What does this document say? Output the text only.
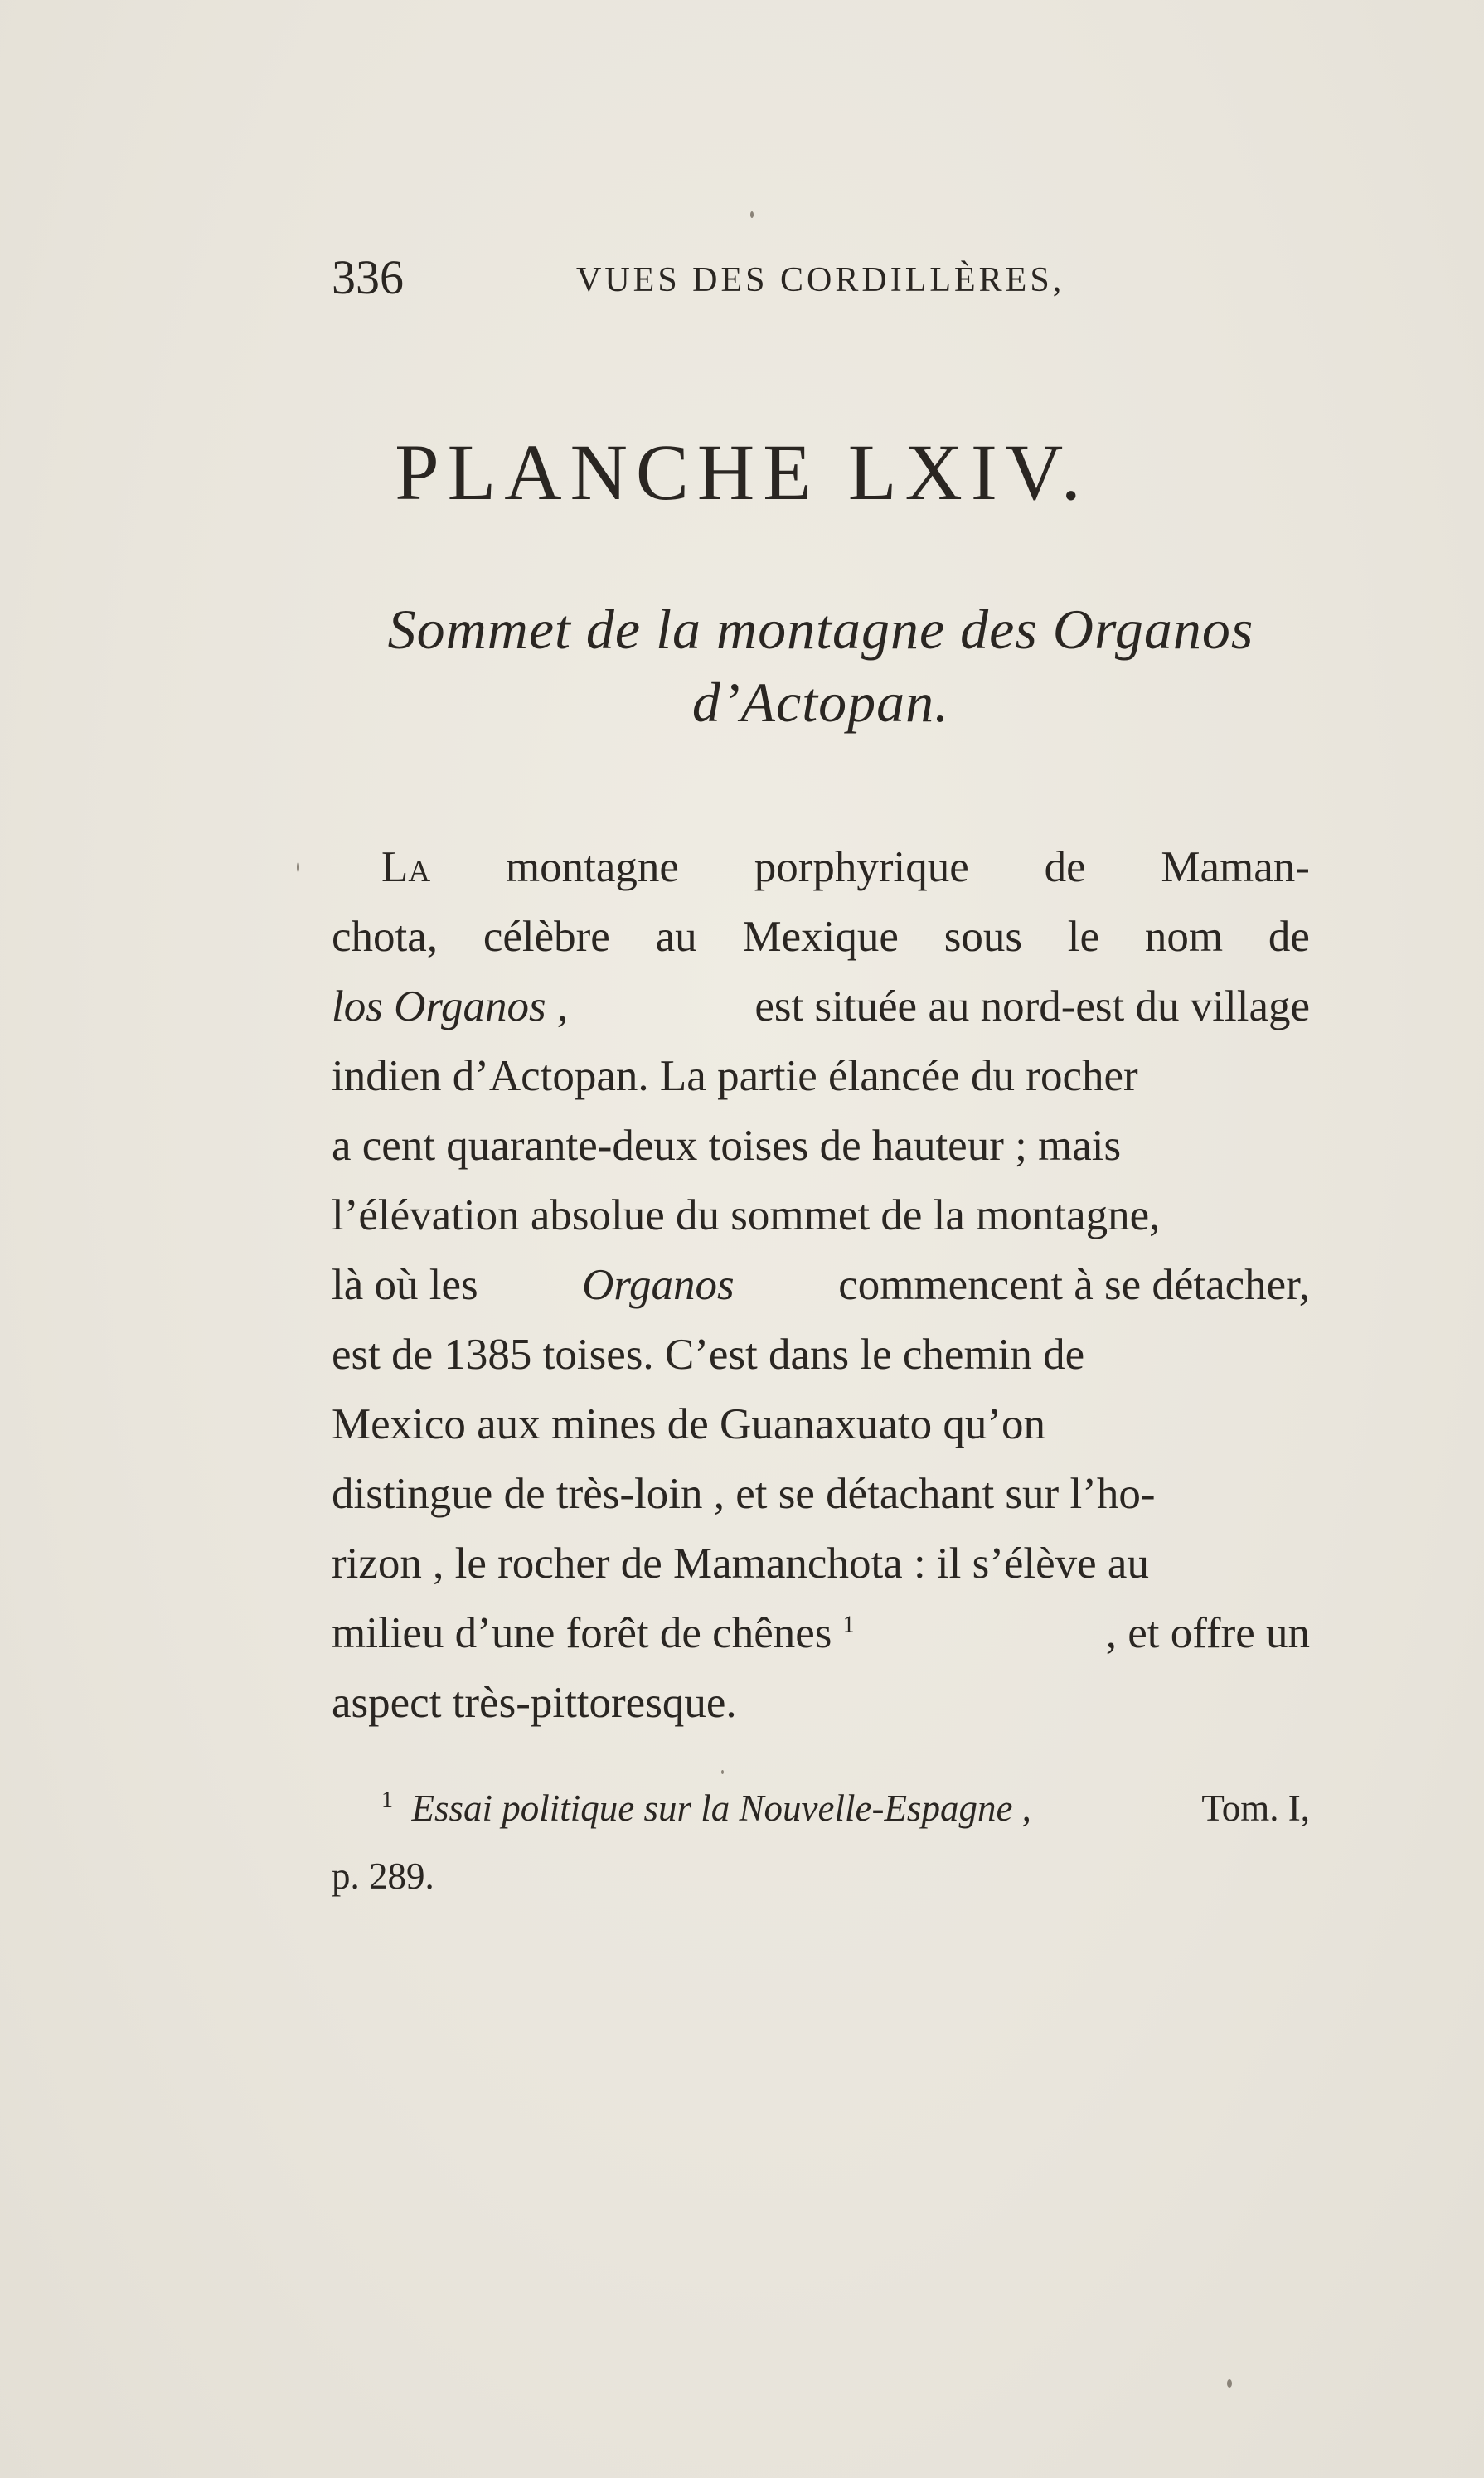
336	VUES DES CORDILLÈRES,
PLANCHE LXIV.
Sommet de la montagne des Organos
d’Actopan.
La montagne porphyrique de Maman-
chota, célèbre au Mexique sous le nom de
los Organos ,	est située au nord-est du village
indien d’Actopan. La partie élancée du rocher
a cent quarante-deux toises de hauteur ; mais
l’élévation absolue du sommet de la montagne,
là où les Organos commencent à se détacher,
est de 1385 toises. C’est dans le chemin de
Mexico aux mines de Guanaxuato qu’on
distingue de très-loin , et se détachant sur l’ho-
rizon , le rocher de Mamanchota : il s’élève au
milieu d’une forêt de chênes $^1$	, et offre un
aspect très-pittoresque.
$^1$ Essai politique sur la Nouvelle-Espagne ,	Tom. I,
p. 289.
